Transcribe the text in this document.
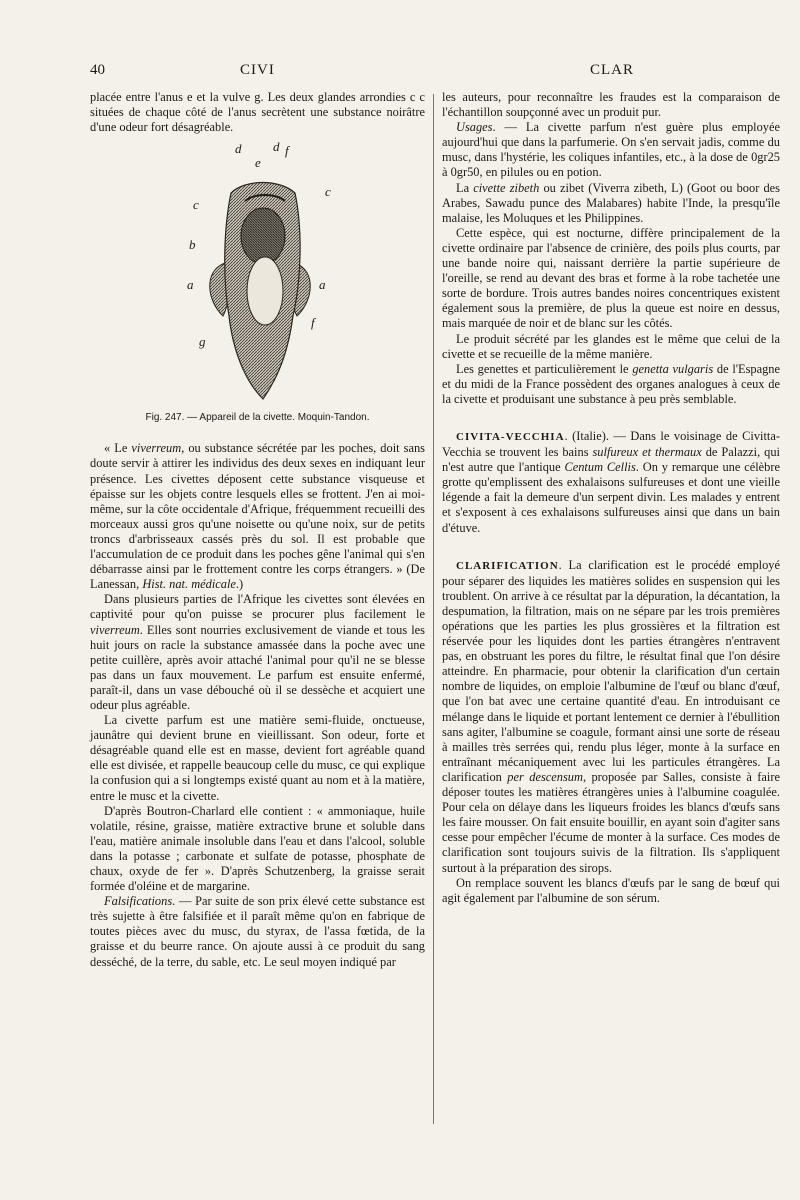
40	CIVI	CLAR

placée entre l'anus e et la vulve g. Les deux glandes arrondies c c situées de chaque côté de l'anus secrètent une substance noirâtre d'une odeur fort désagréable.

d d
e
f
c
c
b
a	a
f
g

Fig. 247. — Appareil de la civette. Moquin-Tandon.

« Le viverreum, ou substance sécrétée par les poches, doit sans doute servir à attirer les individus des deux sexes en indiquant leur présence. Les civettes déposent cette substance visqueuse et épaisse sur les objets contre lesquels elles se frottent. J'en ai moi-même, sur la côte occidentale d'Afrique, fréquemment recueilli des morceaux aussi gros qu'une noisette ou qu'une noix, sur de petits troncs d'arbrisseaux cassés près du sol. Il est probable que l'accumulation de ce produit dans les poches gêne l'animal qui s'en débarrasse ainsi par le frottement contre les corps étrangers. » (De Lanessan, Hist. nat. médicale.)

Dans plusieurs parties de l'Afrique les civettes sont élevées en captivité pour qu'on puisse se procurer plus facilement le viverreum. Elles sont nourries exclusivement de viande et tous les huit jours on racle la substance amassée dans la poche avec une petite cuillère, après avoir attaché l'animal pour qu'il ne se blesse pas dans un faux mouvement. Le parfum est ensuite enfermé, paraît-il, dans un vase débouché où il se dessèche et acquiert une odeur plus agréable.

La civette parfum est une matière semi-fluide, onctueuse, jaunâtre qui devient brune en vieillissant. Son odeur, forte et désagréable quand elle est en masse, devient fort agréable quand elle est divisée, et rappelle beaucoup celle du musc, ce qui explique la confusion qui a si longtemps existé quant au nom et à la matière, entre le musc et la civette.

D'après Boutron-Charlard elle contient : « ammoniaque, huile volatile, résine, graisse, matière extractive brune et soluble dans l'eau, matière animale insoluble dans l'eau et dans l'alcool, soluble dans la potasse ; carbonate et sulfate de potasse, phosphate de chaux, oxyde de fer ». D'après Schutzenberg, la graisse serait formée d'oléine et de margarine.

Falsifications. — Par suite de son prix élevé cette substance est très sujette à être falsifiée et il paraît même qu'on en fabrique de toutes pièces avec du musc, du styrax, de l'assa fœtida, de la graisse et du beurre rance. On ajoute aussi à ce produit du sang desséché, de la terre, du sable, etc. Le seul moyen indiqué par

les auteurs, pour reconnaître les fraudes est la comparaison de l'échantillon soupçonné avec un produit pur.

Usages. — La civette parfum n'est guère plus employée aujourd'hui que dans la parfumerie. On s'en servait jadis, comme du musc, dans l'hystérie, les coliques infantiles, etc., à la dose de 0gr25 à 0gr50, en pilules ou en potion.

La civette zibeth ou zibet (Viverra zibeth, L) (Goot ou boor des Arabes, Sawadu punce des Malabares) habite l'Inde, la presqu'île malaise, les Moluques et les Philippines.

Cette espèce, qui est nocturne, diffère principalement de la civette ordinaire par l'absence de crinière, des poils plus courts, par une bande noire qui, naissant derrière la partie supérieure de l'oreille, se rend au devant des bras et forme à la robe tachetée une sorte de bordure. Trois autres bandes noires concentriques existent également sous la première, de plus la queue est noire en dessus, mais marquée de noir et de blanc sur les côtés.

Le produit sécrété par les glandes est le même que celui de la civette et se recueille de la même manière.

Les genettes et particulièrement le genetta vulgaris de l'Espagne et du midi de la France possèdent des organes analogues à ceux de la civette et produisant une substance à peu près semblable.

CIVITA-VECCHIA. (Italie). — Dans le voisinage de Civitta-Vecchia se trouvent les bains sulfureux et thermaux de Palazzi, qui n'est autre que l'antique Centum Cellis. On y remarque une célèbre grotte qu'emplissent des exhalaisons sulfureuses et dont une vieille légende a fait la demeure d'un serpent divin. Les malades y entrent et s'exposent à ces exhalaisons sulfureuses ainsi que dans un bain d'étuve.

CLARIFICATION. La clarification est le procédé employé pour séparer des liquides les matières solides en suspension qui les troublent. On arrive à ce résultat par la dépuration, la décantation, la despumation, la filtration, mais on ne sépare par les trois premières opérations que les parties les plus grossières et la filtration est réservée pour les liquides dont les parties étrangères n'entravent pas, en obstruant les pores du filtre, le résultat final que l'on désire atteindre. En pharmacie, pour obtenir la clarification d'un certain nombre de liquides, on emploie l'albumine de l'œuf ou blanc d'œuf, que l'on bat avec une certaine quantité d'eau. En introduisant ce mélange dans le liquide et portant lentement ce dernier à l'ébullition sans agiter, l'albumine se coagule, formant ainsi une sorte de réseau à mailles très serrées qui, rendu plus léger, monte à la surface en entraînant mécaniquement avec lui les particules étrangères. La clarification per descensum, proposée par Salles, consiste à faire déposer toutes les matières étrangères unies à l'albumine coagulée. Pour cela on délaye dans les liqueurs froides les blancs d'œufs sans les faire mousser. On fait ensuite bouillir, en ayant soin d'agiter sans cesse pour empêcher l'écume de monter à la surface. Ces modes de clarification sont toujours suivis de la filtration. Ils s'appliquent surtout à la préparation des sirops.

On remplace souvent les blancs d'œufs par le sang de bœuf qui agit également par l'albumine de son sérum.
